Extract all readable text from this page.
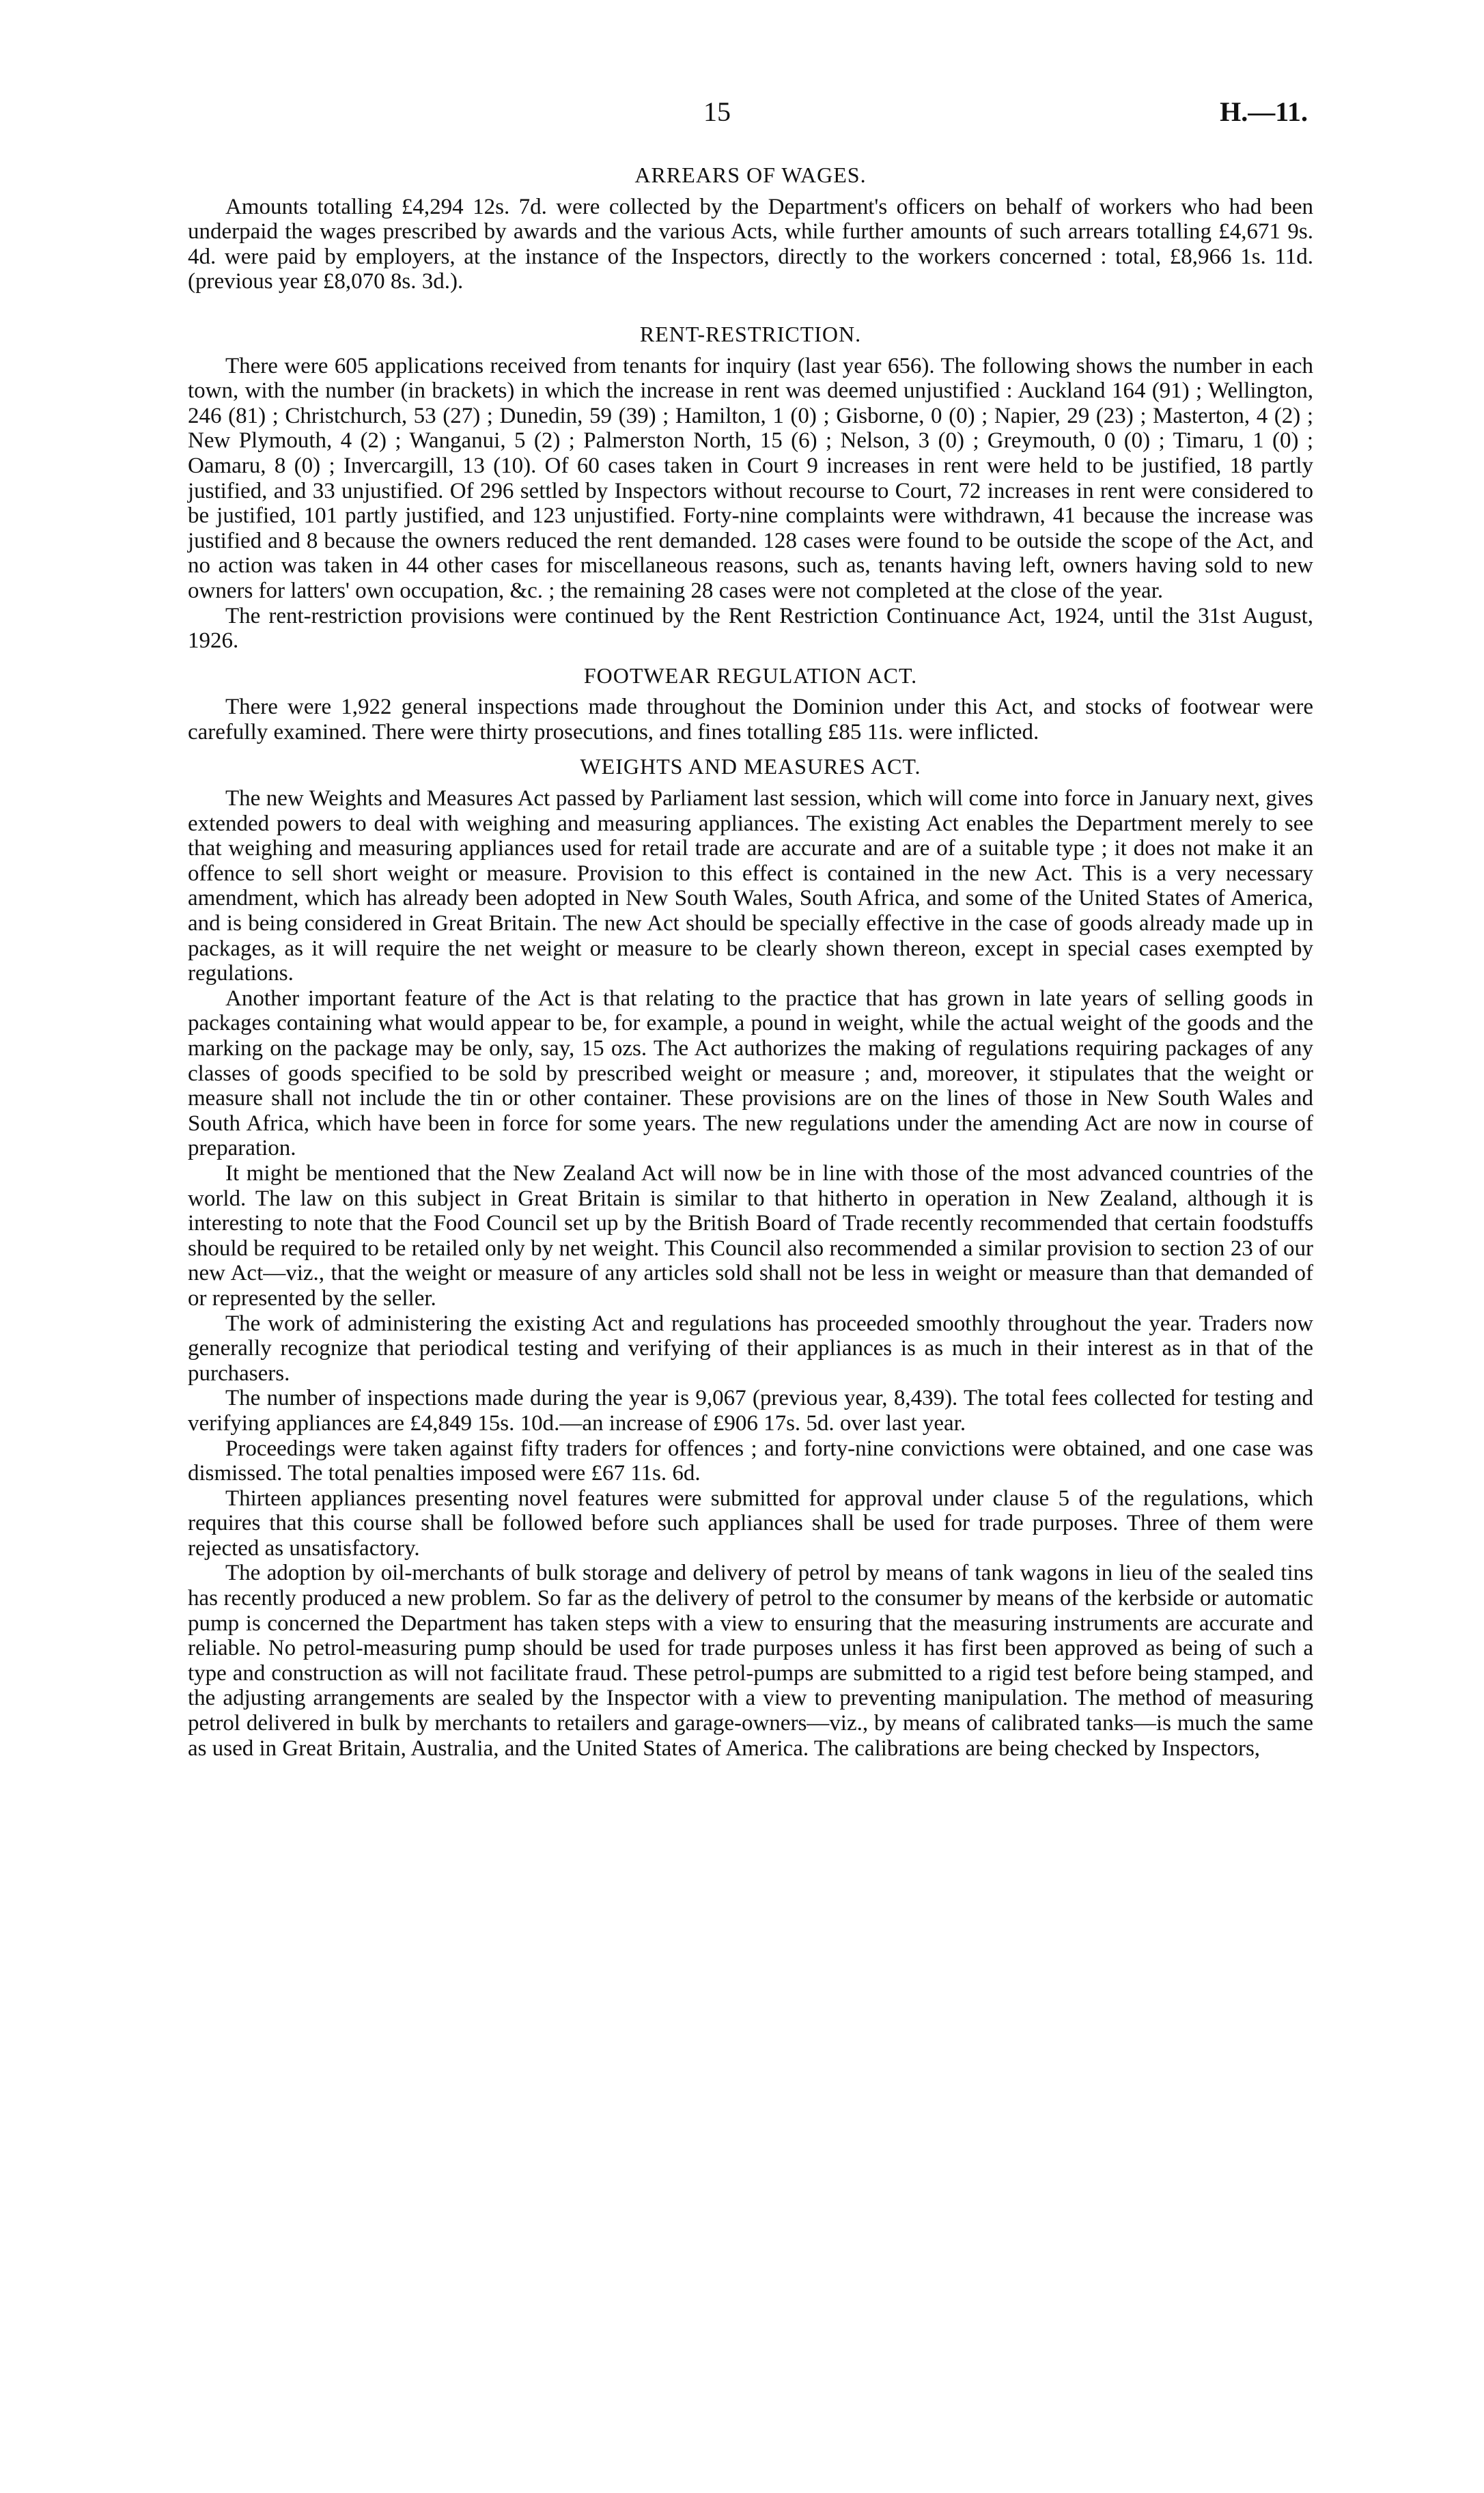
15	H.—11.
ARREARS OF WAGES.

Amounts totalling £4,294 12s. 7d. were collected by the Department's officers on behalf of workers who had been underpaid the wages prescribed by awards and the various Acts, while further amounts of such arrears totalling £4,671 9s. 4d. were paid by employers, at the instance of the Inspectors, directly to the workers concerned : total, £8,966 1s. 11d. (previous year £8,070 8s. 3d.).

RENT-RESTRICTION.

There were 605 applications received from tenants for inquiry (last year 656). The following shows the number in each town, with the number (in brackets) in which the increase in rent was deemed unjustified : Auckland 164 (91) ; Wellington, 246 (81) ; Christchurch, 53 (27) ; Dunedin, 59 (39) ; Hamilton, 1 (0) ; Gisborne, 0 (0) ; Napier, 29 (23) ; Masterton, 4 (2) ; New Plymouth, 4 (2) ; Wanganui, 5 (2) ; Palmerston North, 15 (6) ; Nelson, 3 (0) ; Greymouth, 0 (0) ; Timaru, 1 (0) ; Oamaru, 8 (0) ; Invercargill, 13 (10). Of 60 cases taken in Court 9 increases in rent were held to be justified, 18 partly justified, and 33 unjustified. Of 296 settled by Inspectors without recourse to Court, 72 increases in rent were considered to be justified, 101 partly justified, and 123 unjustified. Forty-nine complaints were withdrawn, 41 because the increase was justified and 8 because the owners reduced the rent demanded. 128 cases were found to be outside the scope of the Act, and no action was taken in 44 other cases for miscellaneous reasons, such as, tenants having left, owners having sold to new owners for latters' own occupation, &c. ; the remaining 28 cases were not completed at the close of the year.

The rent-restriction provisions were continued by the Rent Restriction Continuance Act, 1924, until the 31st August, 1926.

FOOTWEAR REGULATION ACT.

There were 1,922 general inspections made throughout the Dominion under this Act, and stocks of footwear were carefully examined. There were thirty prosecutions, and fines totalling £85 11s. were inflicted.

WEIGHTS AND MEASURES ACT.

The new Weights and Measures Act passed by Parliament last session, which will come into force in January next, gives extended powers to deal with weighing and measuring appliances. The existing Act enables the Department merely to see that weighing and measuring appliances used for retail trade are accurate and are of a suitable type ; it does not make it an offence to sell short weight or measure. Provision to this effect is contained in the new Act. This is a very necessary amendment, which has already been adopted in New South Wales, South Africa, and some of the United States of America, and is being considered in Great Britain. The new Act should be specially effective in the case of goods already made up in packages, as it will require the net weight or measure to be clearly shown thereon, except in special cases exempted by regulations.

Another important feature of the Act is that relating to the practice that has grown in late years of selling goods in packages containing what would appear to be, for example, a pound in weight, while the actual weight of the goods and the marking on the package may be only, say, 15 ozs. The Act authorizes the making of regulations requiring packages of any classes of goods specified to be sold by prescribed weight or measure ; and, moreover, it stipulates that the weight or measure shall not include the tin or other container. These provisions are on the lines of those in New South Wales and South Africa, which have been in force for some years. The new regulations under the amending Act are now in course of preparation.

It might be mentioned that the New Zealand Act will now be in line with those of the most advanced countries of the world. The law on this subject in Great Britain is similar to that hitherto in operation in New Zealand, although it is interesting to note that the Food Council set up by the British Board of Trade recently recommended that certain foodstuffs should be required to be retailed only by net weight. This Council also recommended a similar provision to section 23 of our new Act—viz., that the weight or measure of any articles sold shall not be less in weight or measure than that demanded of or represented by the seller.

The work of administering the existing Act and regulations has proceeded smoothly throughout the year. Traders now generally recognize that periodical testing and verifying of their appliances is as much in their interest as in that of the purchasers.

The number of inspections made during the year is 9,067 (previous year, 8,439). The total fees collected for testing and verifying appliances are £4,849 15s. 10d.—an increase of £906 17s. 5d. over last year.

Proceedings were taken against fifty traders for offences ; and forty-nine convictions were obtained, and one case was dismissed. The total penalties imposed were £67 11s. 6d.

Thirteen appliances presenting novel features were submitted for approval under clause 5 of the regulations, which requires that this course shall be followed before such appliances shall be used for trade purposes. Three of them were rejected as unsatisfactory.

The adoption by oil-merchants of bulk storage and delivery of petrol by means of tank wagons in lieu of the sealed tins has recently produced a new problem. So far as the delivery of petrol to the consumer by means of the kerbside or automatic pump is concerned the Department has taken steps with a view to ensuring that the measuring instruments are accurate and reliable. No petrol-measuring pump should be used for trade purposes unless it has first been approved as being of such a type and construction as will not facilitate fraud. These petrol-pumps are submitted to a rigid test before being stamped, and the adjusting arrangements are sealed by the Inspector with a view to preventing manipulation. The method of measuring petrol delivered in bulk by merchants to retailers and garage-owners—viz., by means of calibrated tanks—is much the same as used in Great Britain, Australia, and the United States of America. The calibrations are being checked by Inspectors,
